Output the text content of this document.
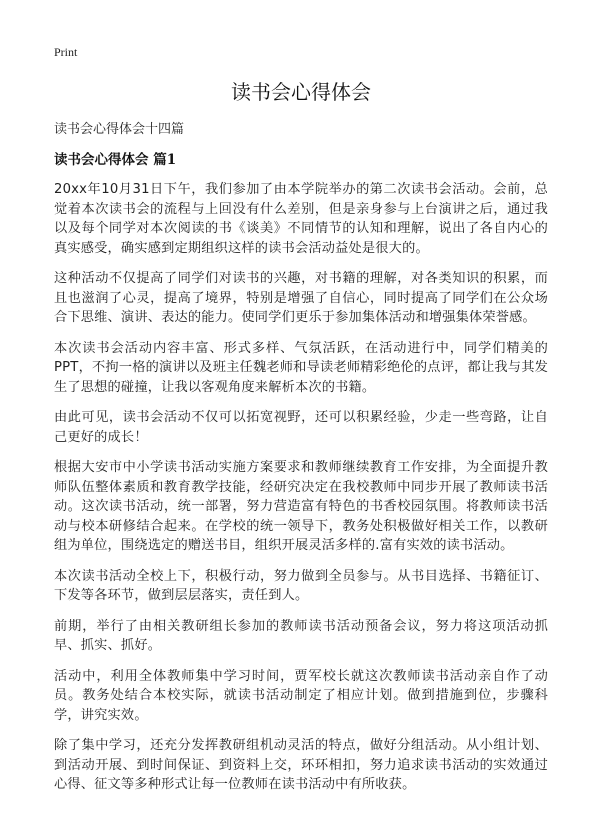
Print
读书会心得体会
读书会心得体会十四篇
读书会心得体会 篇1

20xx年10月31日下午，我们参加了由本学院举办的第二次读书会活动。会前，总觉着本次读书会的流程与上回没有什么差别，但是亲身参与上台演讲之后，通过我以及每个同学对本次阅读的书《谈美》不同情节的认知和理解，说出了各自内心的真实感受，确实感到定期组织这样的读书会活动益处是很大的。

这种活动不仅提高了同学们对读书的兴趣，对书籍的理解，对各类知识的积累，而且也滋润了心灵，提高了境界，特别是增强了自信心，同时提高了同学们在公众场合下思维、演讲、表达的能力。使同学们更乐于参加集体活动和增强集体荣誉感。

本次读书会活动内容丰富、形式多样、气氛活跃，在活动进行中，同学们精美的PPT，不拘一格的演讲以及班主任魏老师和导读老师精彩绝伦的点评，都让我与其发生了思想的碰撞，让我以客观角度来解析本次的书籍。

由此可见，读书会活动不仅可以拓宽视野，还可以积累经验，少走一些弯路，让自己更好的成长！

根据大安市中小学读书活动实施方案要求和教师继续教育工作安排，为全面提升教师队伍整体素质和教育教学技能，经研究决定在我校教师中同步开展了教师读书活动。这次读书活动，统一部署，努力营造富有特色的书香校园氛围。将教师读书活动与校本研修结合起来。在学校的统一领导下，教务处积极做好相关工作，以教研组为单位，围绕选定的赠送书目，组织开展灵活多样的.富有实效的读书活动。

本次读书活动全校上下，积极行动，努力做到全员参与。从书目选择、书籍征订、下发等各环节，做到层层落实，责任到人。

前期，举行了由相关教研组长参加的教师读书活动预备会议，努力将这项活动抓早、抓实、抓好。

活动中，利用全体教师集中学习时间，贾军校长就这次教师读书活动亲自作了动员。教务处结合本校实际，就读书活动制定了相应计划。做到措施到位，步骤科学，讲究实效。

除了集中学习，还充分发挥教研组机动灵活的特点，做好分组活动。从小组计划、到活动开展、到时间保证、到资料上交，环环相扣，努力追求读书活动的实效通过心得、征文等多种形式让每一位教师在读书活动中有所收获。
